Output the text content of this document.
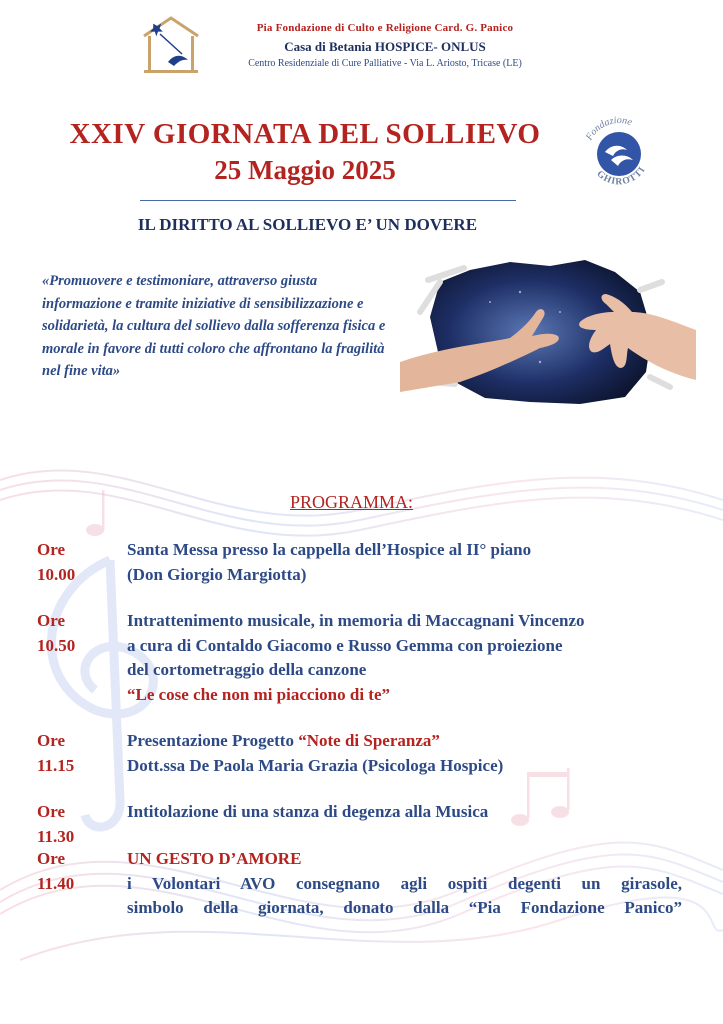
Pia Fondazione di Culto e Religione Card. G. Panico
Casa di Betania HOSPICE- ONLUS
Centro Residenziale di Cure Palliative - Via L. Ariosto, Tricase (LE)
XXIV GIORNATA DEL SOLLIEVO
25 Maggio 2025
IL DIRITTO AL SOLLIEVO E’ UN DOVERE
Fondazione
GHIROTTI

«Promuovere e testimoniare, attraverso giusta informazione e tramite iniziative di sensibilizzazione e solidarietà, la cultura del sollievo dalla sofferenza fisica e morale in favore di tutti coloro che affrontano la fragilità nel fine vita»

PROGRAMMA:
Ore 10.00
Santa Messa presso la cappella dell’Hospice al II° piano
(Don Giorgio Margiotta)
Ore 10.50
Intrattenimento musicale, in memoria di Maccagnani Vincenzo
a cura di Contaldo Giacomo e Russo Gemma con proiezione
del cortometraggio della canzone
“Le cose che non mi piacciono di te”
Ore 11.15
Presentazione Progetto “Note di Speranza”
Dott.ssa De Paola Maria Grazia (Psicologa Hospice)
Ore 11.30
Intitolazione di una stanza di degenza alla Musica
Ore 11.40
UN GESTO D’AMORE
i Volontari AVO consegnano agli ospiti degenti un girasole,
simbolo della giornata, donato dalla “Pia Fondazione Panico”
